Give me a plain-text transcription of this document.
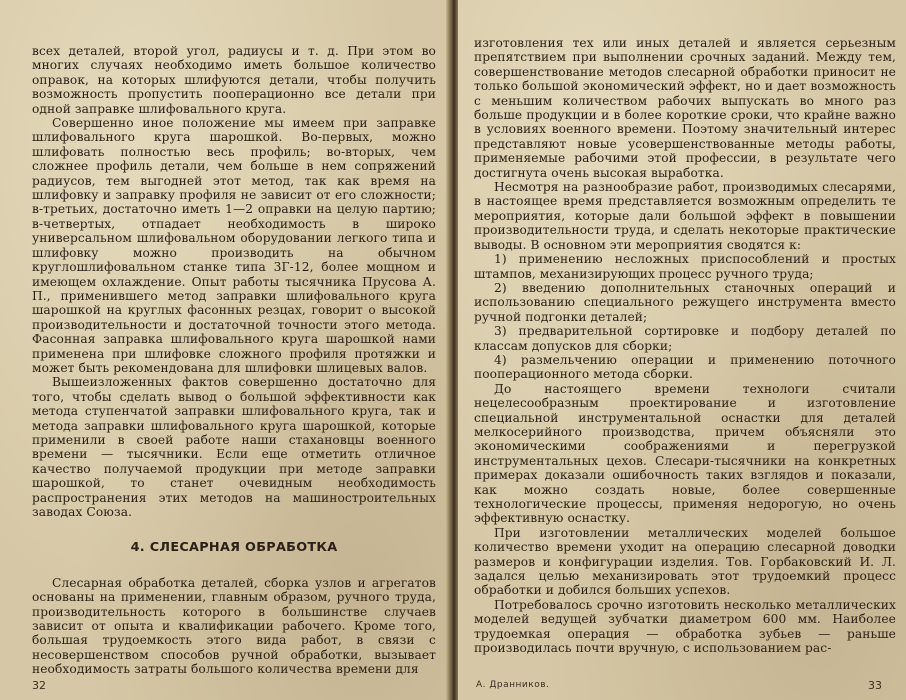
всех деталей, второй угол, радиусы и т. д. При этом во многих случаях необходимо иметь большое количество оправок, на которых шлифуются детали, чтобы получить возможность пропустить пооперационно все детали при одной заправке шлифовального круга.

Совершенно иное положение мы имеем при заправке шлифовального круга шарошкой. Во-первых, можно шлифовать полностью весь профиль; во-вторых, чем сложнее профиль детали, чем больше в нем сопряжений радиусов, тем выгодней этот метод, так как время на шлифовку и заправку профиля не зависит от его сложности; в-третьих, достаточно иметь 1—2 оправки на целую партию; в-четвертых, отпадает необходимость в широко универсальном шлифовальном оборудовании легкого типа и шлифовку можно производить на обычном круглошлифовальном станке типа 3Г-12, более мощном и имеющем охлаждение. Опыт работы тысячника Прусова А. П., применившего метод заправки шлифовального круга шарошкой на круглых фасонных резцах, говорит о высокой производительности и достаточной точности этого метода. Фасонная заправка шлифовального круга шарошкой нами применена при шлифовке сложного профиля протяжки и может быть рекомендована для шлифовки шлицевых валов.

Вышеизложенных фактов совершенно достаточно для того, чтобы сделать вывод о большой эффективности как метода ступенчатой заправки шлифовального круга, так и метода заправки шлифовального круга шарошкой, которые применили в своей работе наши стахановцы военного времени — тысячники. Если еще отметить отличное качество получаемой продукции при методе заправки шарошкой, то станет очевидным необходимость распространения этих методов на машиностроительных заводах Союза.

4. СЛЕСАРНАЯ ОБРАБОТКА

Слесарная обработка деталей, сборка узлов и агрегатов основаны на применении, главным образом, ручного труда, производительность которого в большинстве случаев зависит от опыта и квалификации рабочего. Кроме того, большая трудоемкость этого вида работ, в связи с несовершенством способов ручной обработки, вызывает необходимость затраты большого количества времени для

32

изготовления тех или иных деталей и является серьезным препятствием при выполнении срочных заданий. Между тем, совершенствование методов слесарной обработки приносит не только большой экономический эффект, но и дает возможность с меньшим количеством рабочих выпускать во много раз больше продукции и в более короткие сроки, что крайне важно в условиях военного времени. Поэтому значительный интерес представляют новые усовершенствованные методы работы, применяемые рабочими этой профессии, в результате чего достигнута очень высокая выработка.

Несмотря на разнообразие работ, производимых слесарями, в настоящее время представляется возможным определить те мероприятия, которые дали большой эффект в повышении производительности труда, и сделать некоторые практические выводы. В основном эти мероприятия сводятся к:

1) применению несложных приспособлений и простых штампов, механизирующих процесс ручного труда;
2) введению дополнительных станочных операций и использованию специального режущего инструмента вместо ручной подгонки деталей;
3) предварительной сортировке и подбору деталей по классам допусков для сборки;
4) размельчению операции и применению поточного пооперационного метода сборки.

До настоящего времени технологи считали нецелесообразным проектирование и изготовление специальной инструментальной оснастки для деталей мелкосерийного производства, причем объясняли это экономическими соображениями и перегрузкой инструментальных цехов. Слесари-тысячники на конкретных примерах доказали ошибочность таких взглядов и показали, как можно создать новые, более совершенные технологические процессы, применяя недорогую, но очень эффективную оснастку.

При изготовлении металлических моделей большое количество времени уходит на операцию слесарной доводки размеров и конфигурации изделия. Тов. Горбаковский И. Л. задался целью механизировать этот трудоемкий процесс обработки и добился больших успехов.

Потребовалось срочно изготовить несколько металлических моделей ведущей зубчатки диаметром 600 мм. Наиболее трудоемкая операция — обработка зубьев — раньше производилась почти вручную, с использованием рас-

33
А. Дранников.
